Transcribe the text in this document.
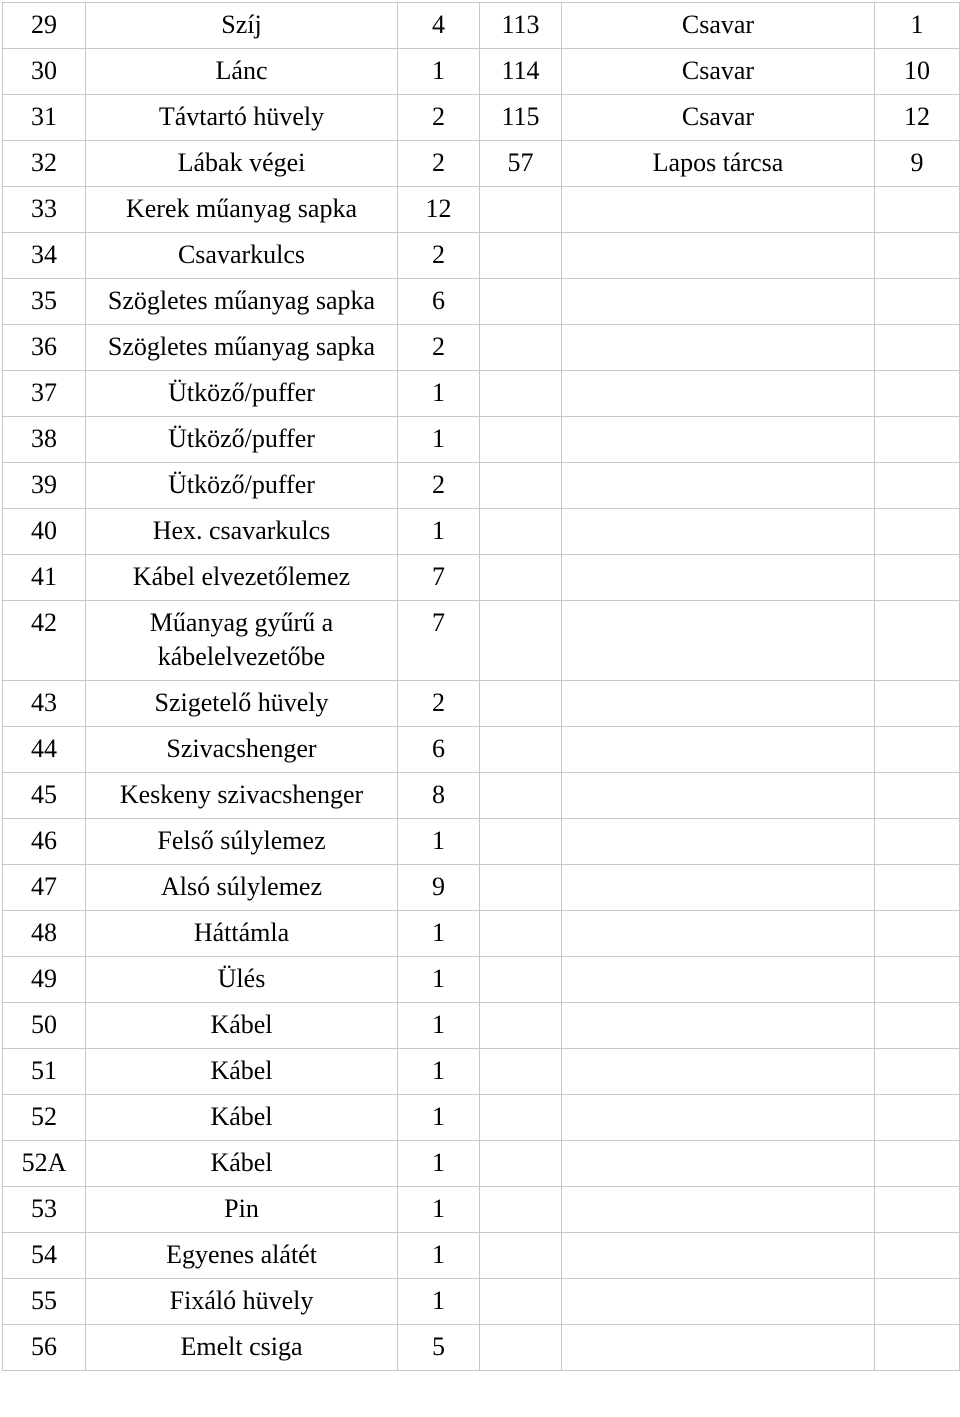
29	Szíj	4	113	Csavar	1
30	Lánc	1	114	Csavar	10
31	Távtartó hüvely	2	115	Csavar	12
32	Lábak végei	2	57	Lapos tárcsa	9
33	Kerek műanyag sapka	12			
34	Csavarkulcs	2			
35	Szögletes műanyag sapka	6			
36	Szögletes műanyag sapka	2			
37	Ütköző/puffer	1			
38	Ütköző/puffer	1			
39	Ütköző/puffer	2			
40	Hex. csavarkulcs	1			
41	Kábel elvezetőlemez	7			
42	Műanyag gyűrű a kábelelvezetőbe	7			
43	Szigetelő hüvely	2			
44	Szivacshenger	6			
45	Keskeny szivacshenger	8			
46	Felső súlylemez	1			
47	Alsó súlylemez	9			
48	Háttámla	1			
49	Ülés	1			
50	Kábel	1			
51	Kábel	1			
52	Kábel	1			
52A	Kábel	1			
53	Pin	1			
54	Egyenes alátét	1			
55	Fixáló hüvely	1			
56	Emelt csiga	5			
